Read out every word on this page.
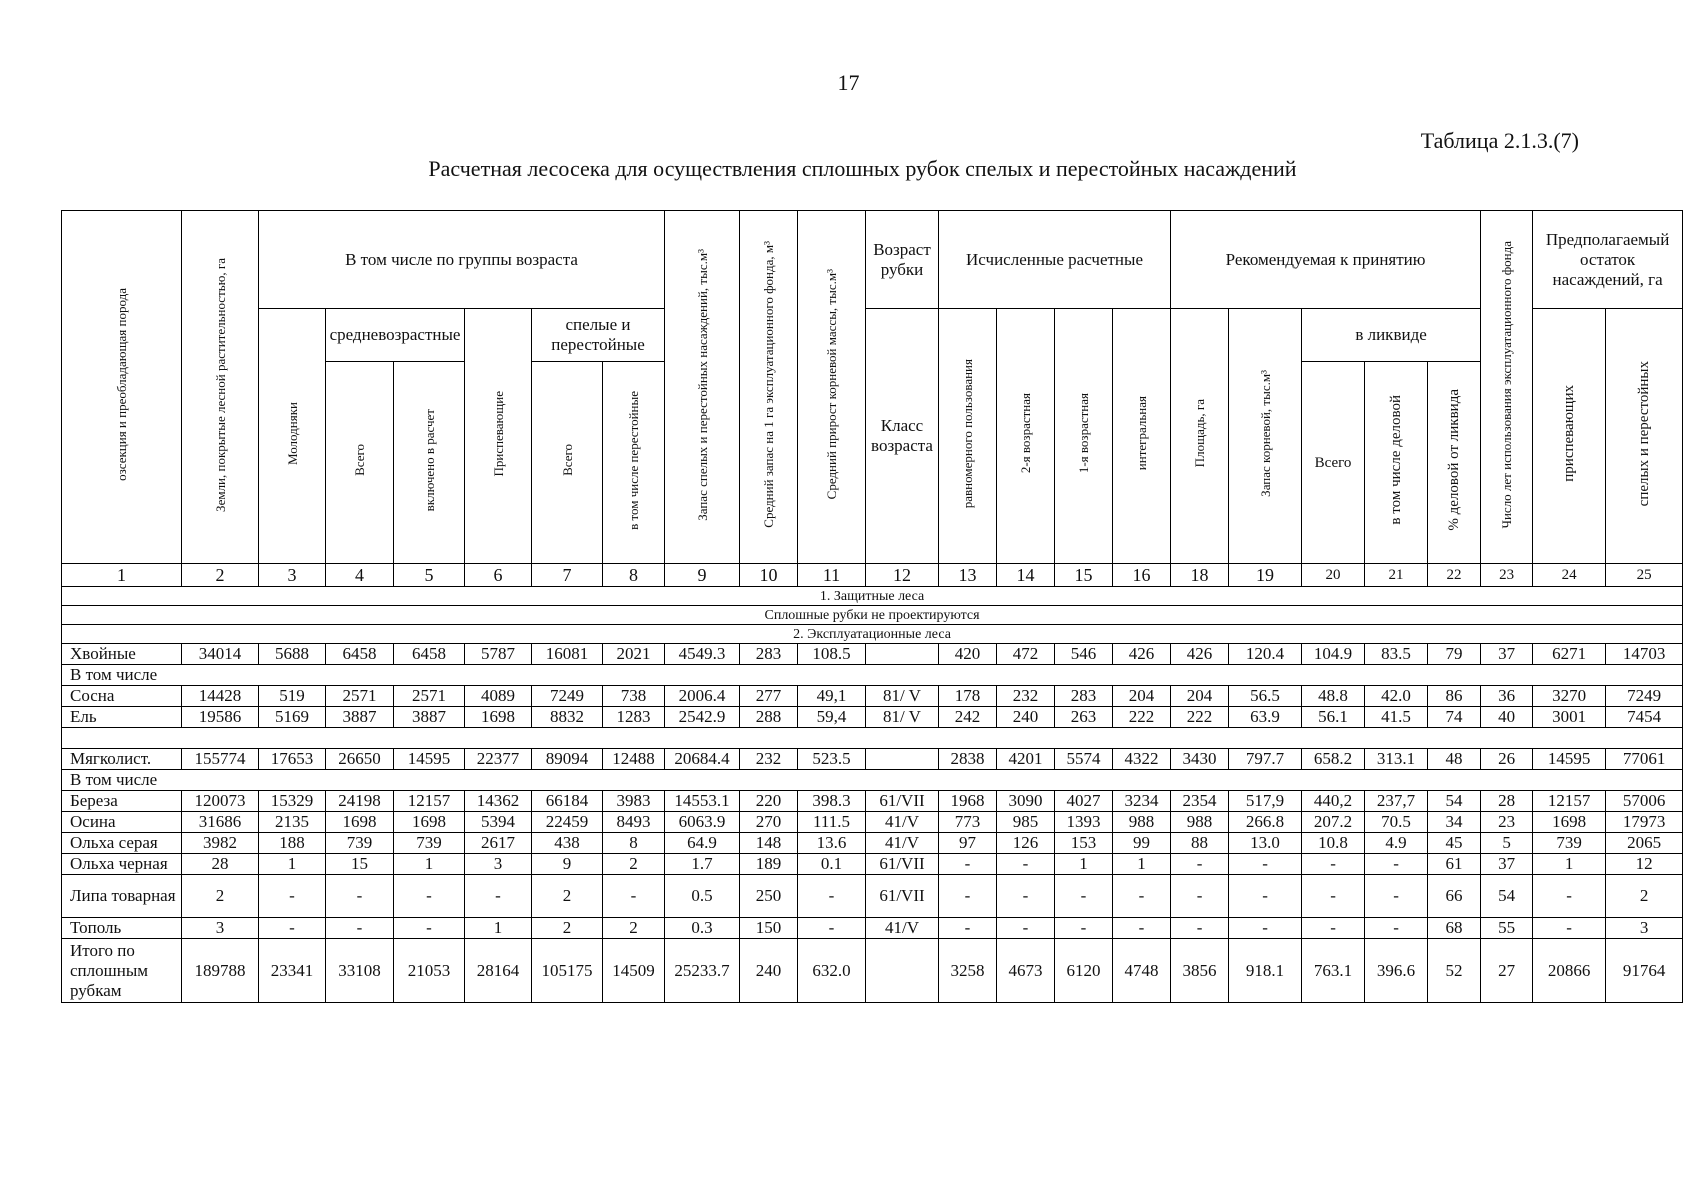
17
Таблица 2.1.3.(7)
Расчетная лесосека для осуществления сплошных рубок спелых и перестойных насаждений
озсекция и преобладающая порода	Земли, покрытые лесной растительностью, га	В том числе по группы возраста						Запас спелых и перестойных насаждений, тыс.м³	Средний запас на 1 га эксплуатационного фонда, м³	Средний прирост корневой массы, тыс.м³	Возраст рубки	Исчисленные расчетные				Рекомендуемая к принятию					Число лет использования эксплуатационного фонда	Предполагаемый остаток насаждений, га	
		Молодняки	средневозрастные		Приспевающие	спелые и перестойные					Класс возраста	равномерного пользования	2-я возрастная	1-я возрастная	интегральная	Площадь, га	Запас корневой, тыс.м³	в ликвиде				приспевающих	спелых и перестойных
			Всего	включено в расчет		Всего	в том числе перестойные											Всего	в том числе деловой	% деловой от ликвида			
1	2	3	4	5	6	7	8	9	10	11	12	13	14	15	16	18	19	20	21	22	23	24	25
1. Защитные леса																							
Сплошные рубки не проектируются																							
2. Эксплуатационные леса																							
Хвойные	34014	5688	6458	6458	5787	16081	2021	4549.3	283	108.5		420	472	546	426	426	120.4	104.9	83.5	79	37	6271	14703
В том числе																							
Сосна	14428	519	2571	2571	4089	7249	738	2006.4	277	49,1	81/ V	178	232	283	204	204	56.5	48.8	42.0	86	36	3270	7249
Ель	19586	5169	3887	3887	1698	8832	1283	2542.9	288	59,4	81/ V	242	240	263	222	222	63.9	56.1	41.5	74	40	3001	7454

Мягколист.	155774	17653	26650	14595	22377	89094	12488	20684.4	232	523.5		2838	4201	5574	4322	3430	797.7	658.2	313.1	48	26	14595	77061
В том числе																							
Береза	120073	15329	24198	12157	14362	66184	3983	14553.1	220	398.3	61/VII	1968	3090	4027	3234	2354	517,9	440,2	237,7	54	28	12157	57006
Осина	31686	2135	1698	1698	5394	22459	8493	6063.9	270	111.5	41/V	773	985	1393	988	988	266.8	207.2	70.5	34	23	1698	17973
Ольха серая	3982	188	739	739	2617	438	8	64.9	148	13.6	41/V	97	126	153	99	88	13.0	10.8	4.9	45	5	739	2065
Ольха черная	28	1	15	1	3	9	2	1.7	189	0.1	61/VII	-	-	1	1	-	-	-	-	61	37	1	12
Липа товарная	2	-	-	-	-	2	-	0.5	250	-	61/VII	-	-	-	-	-	-	-	-	66	54	-	2
Тополь	3	-	-	-	1	2	2	0.3	150	-	41/V	-	-	-	-	-	-	-	-	68	55	-	3
Итого по сплошным рубкам	189788	23341	33108	21053	28164	105175	14509	25233.7	240	632.0		3258	4673	6120	4748	3856	918.1	763.1	396.6	52	27	20866	91764
